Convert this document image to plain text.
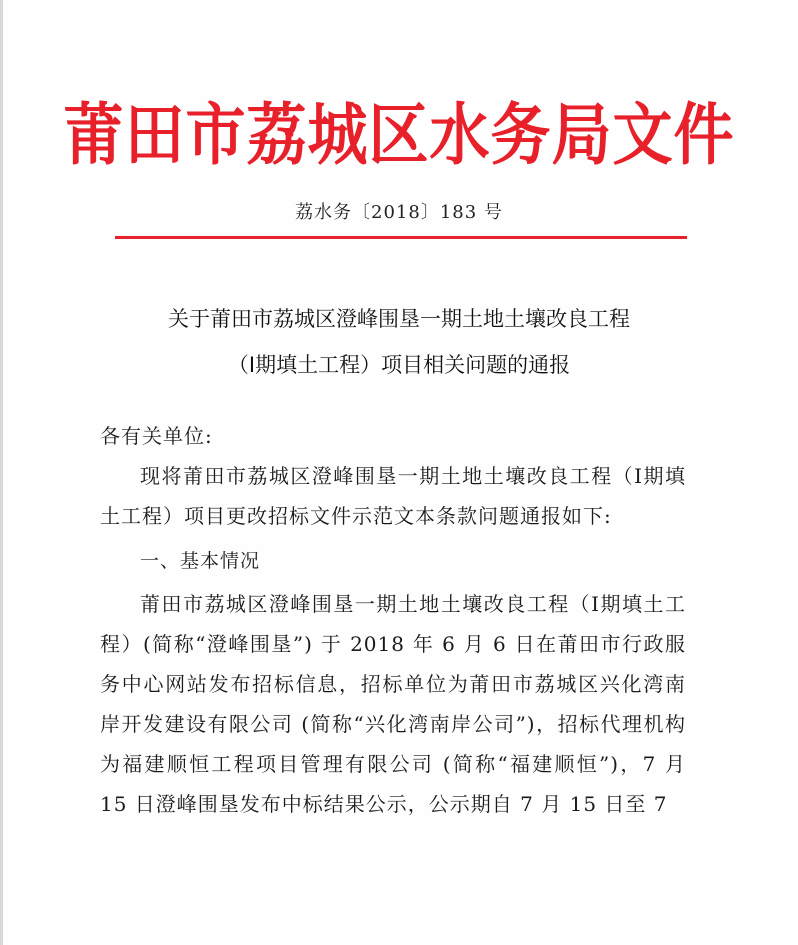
莆田市荔城区水务局文件
荔水务〔2018〕183 号
关于莆田市荔城区澄峰围垦一期土地土壤改良工程
（Ⅰ期填土工程）项目相关问题的通报
各有关单位:

现将莆田市荔城区澄峰围垦一期土地土壤改良工程（Ⅰ期填土工程）项目更改招标文件示范文本条款问题通报如下:

一、基本情况

莆田市荔城区澄峰围垦一期土地土壤改良工程（Ⅰ期填土工程）(简称“澄峰围垦”) 于 2018 年 6 月 6 日在莆田市行政服务中心网站发布招标信息，招标单位为莆田市荔城区兴化湾南岸开发建设有限公司 (简称“兴化湾南岸公司”)，招标代理机构为福建顺恒工程项目管理有限公司 (简称“福建顺恒”)，7 月 15 日澄峰围垦发布中标结果公示，公示期自 7 月 15 日至 7
